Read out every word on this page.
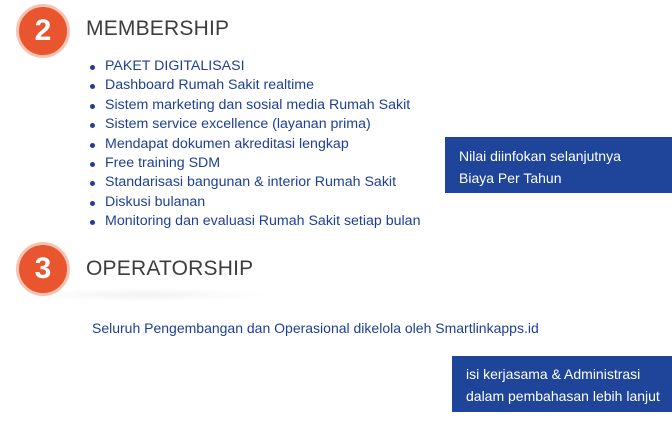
2	MEMBERSHIP
PAKET DIGITALISASI
Dashboard Rumah Sakit realtime
Sistem marketing dan sosial media Rumah Sakit
Sistem service excellence (layanan prima)
Mendapat dokumen akreditasi lengkap
Free training SDM
Standarisasi bangunan & interior Rumah Sakit
Diskusi bulanan
Monitoring dan evaluasi Rumah Sakit setiap bulan
Nilai diinfokan selanjutnya
Biaya Per Tahun
3	OPERATORSHIP
Seluruh Pengembangan dan Operasional dikelola oleh Smartlinkapps.id
isi kerjasama & Administrasi
dalam pembahasan lebih lanjut
